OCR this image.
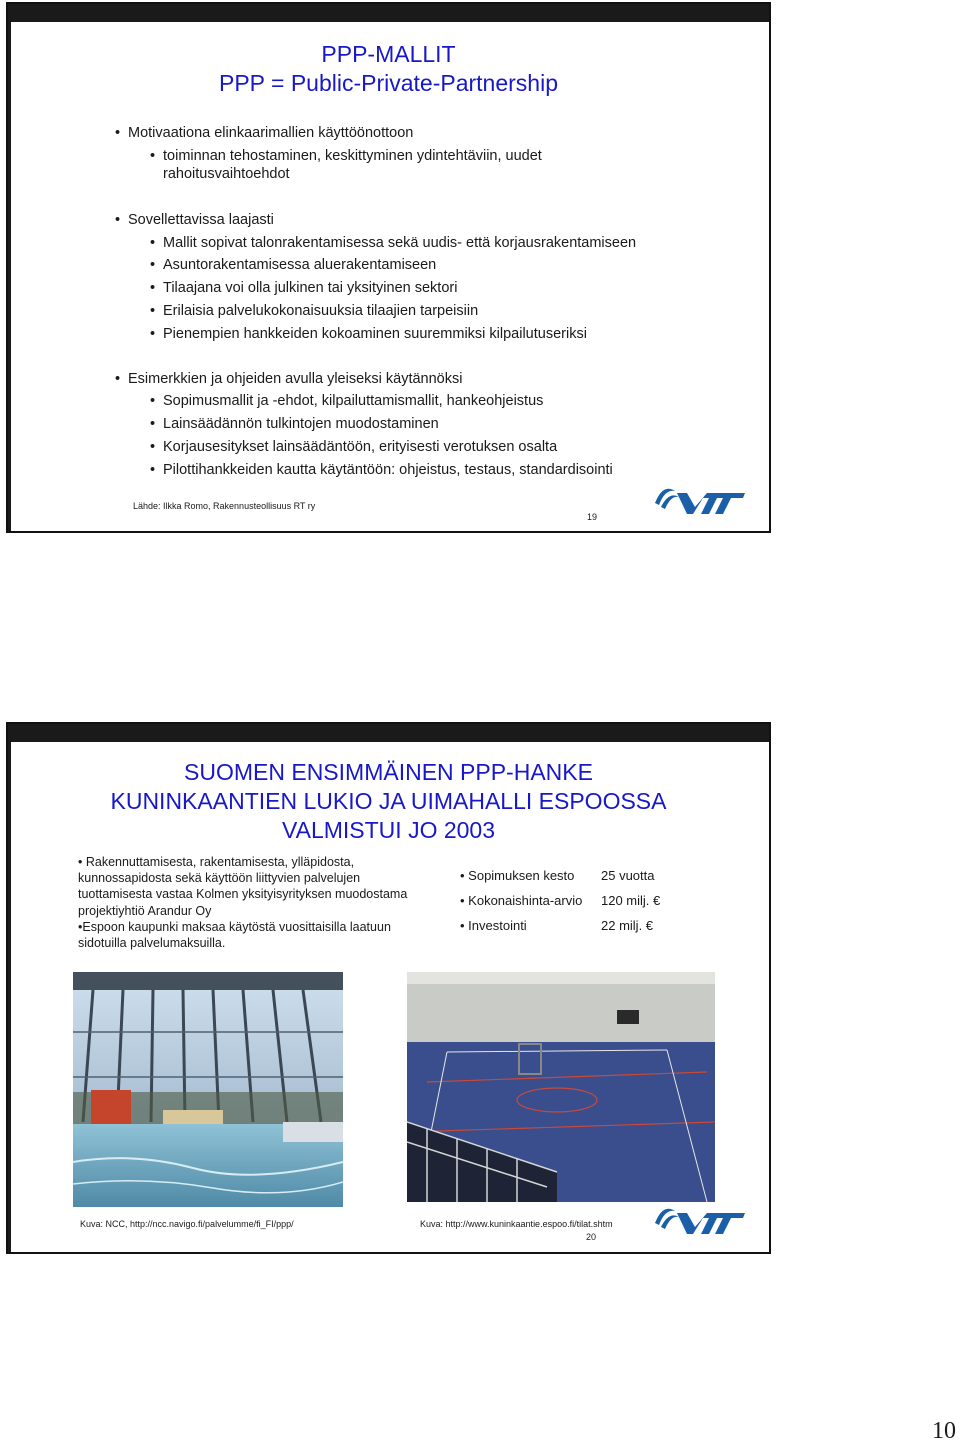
PPP-MALLIT
PPP = Public-Private-Partnership
• Motivaationa elinkaarimallien käyttöönottoon
• toiminnan tehostaminen, keskittyminen ydintehtäviin, uudet rahoitusvaihtoehdot
• Sovellettavissa laajasti
• Mallit sopivat talonrakentamisessa sekä uudis- että korjausrakentamiseen
• Asuntorakentamisessa aluerakentamiseen
• Tilaajana voi olla julkinen tai yksityinen sektori
• Erilaisia palvelukokonaisuuksia tilaajien tarpeisiin
• Pienempien hankkeiden kokoaminen suuremmiksi kilpailutuseriksi
• Esimerkkien ja ohjeiden avulla yleiseksi käytännöksi
• Sopimusmallit ja -ehdot, kilpailuttamismallit, hankeohjeistus
• Lainsäädännön tulkintojen muodostaminen
• Korjausesitykset lainsäädäntöön, erityisesti verotuksen osalta
• Pilottihankkeiden kautta käytäntöön: ohjeistus, testaus, standardisointi
Lähde: Ilkka Romo, Rakennusteollisuus RT ry
19
SUOMEN ENSIMMÄINEN PPP-HANKE
KUNINKAANTIEN LUKIO JA UIMAHALLI ESPOOSSA
VALMISTUI JO 2003

• Rakennuttamisesta, rakentamisesta, ylläpidosta, kunnossapidosta sekä käyttöön liittyvien palvelujen tuottamisesta vastaa Kolmen yksityisyrityksen muodostama projektiyhtiö Arandur Oy

•Espoon kaupunki maksaa käytöstä vuosittaisilla laatuun sidotuilla palvelumaksuilla.

• Sopimuksen kesto 25 vuotta
• Kokonaishinta-arvio 120 milj. €
• Investointi	22 milj. €
Kuva: NCC, http://ncc.navigo.fi/palvelumme/fi_FI/ppp/	Kuva: http://www.kuninkaantie.espoo.fi/tilat.shtm
20
10
